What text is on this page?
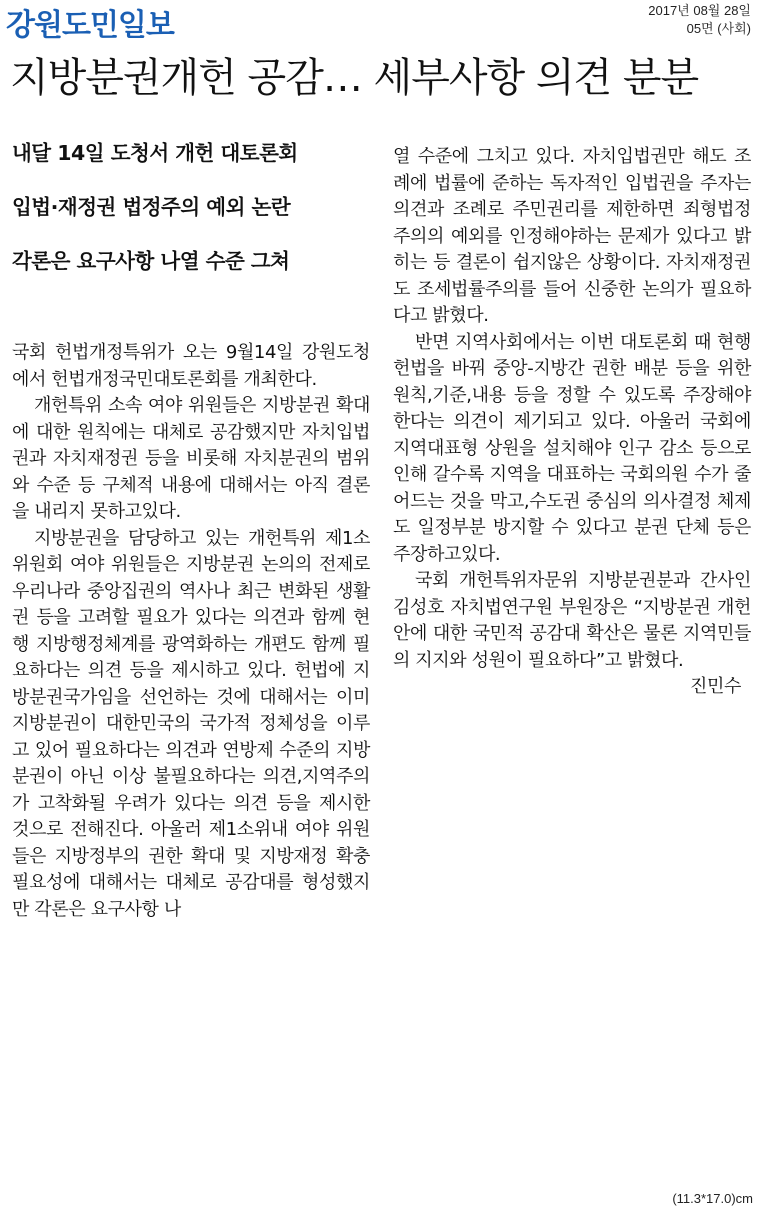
강원도민일보	2017년 08월 28일
05면 (사회)
지방분권개헌 공감… 세부사항 의견 분분
내달 14일 도청서 개헌 대토론회
입법·재정권 법정주의 예외 논란
각론은 요구사항 나열 수준 그쳐

국회 헌법개정특위가 오는 9월14일 강원도청에서 헌법개정국민대토론회를 개최한다.

개헌특위 소속 여야 위원들은 지방분권 확대에 대한 원칙에는 대체로 공감했지만 자치입법권과 자치재정권 등을 비롯해 자치분권의 범위와 수준 등 구체적 내용에 대해서는 아직 결론을 내리지 못하고있다.

지방분권을 담당하고 있는 개헌특위 제1소위원회 여야 위원들은 지방분권 논의의 전제로 우리나라 중앙집권의 역사나 최근 변화된 생활권 등을 고려할 필요가 있다는 의견과 함께 현행 지방행정체계를 광역화하는 개편도 함께 필요하다는 의견 등을 제시하고 있다. 헌법에 지방분권국가임을 선언하는 것에 대해서는 이미 지방분권이 대한민국의 국가적 정체성을 이루고 있어 필요하다는 의견과 연방제 수준의 지방분권이 아닌 이상 불필요하다는 의견,지역주의가 고착화될 우려가 있다는 의견 등을 제시한 것으로 전해진다. 아울러 제1소위내 여야 위원들은 지방정부의 권한 확대 및 지방재정 확충 필요성에 대해서는 대체로 공감대를 형성했지만 각론은 요구사항 나

열 수준에 그치고 있다. 자치입법권만 해도 조례에 법률에 준하는 독자적인 입법권을 주자는 의견과 조례로 주민권리를 제한하면 죄형법정주의의 예외를 인정해야하는 문제가 있다고 밝히는 등 결론이 쉽지않은 상황이다. 자치재정권도 조세법률주의를 들어 신중한 논의가 필요하다고 밝혔다.

반면 지역사회에서는 이번 대토론회 때 현행 헌법을 바꿔 중앙-지방간 권한 배분 등을 위한 원칙,기준,내용 등을 정할 수 있도록 주장해야 한다는 의견이 제기되고 있다. 아울러 국회에 지역대표형 상원을 설치해야 인구 감소 등으로 인해 갈수록 지역을 대표하는 국회의원 수가 줄어드는 것을 막고,수도권 중심의 의사결정 체제도 일정부분 방지할 수 있다고 분권 단체 등은 주장하고있다.

국회 개헌특위자문위 지방분권분과 간사인 김성호 자치법연구원 부원장은 “지방분권 개헌안에 대한 국민적 공감대 확산은 물론 지역민들의 지지와 성원이 필요하다”고 밝혔다.

진민수

(11.3*17.0)cm
